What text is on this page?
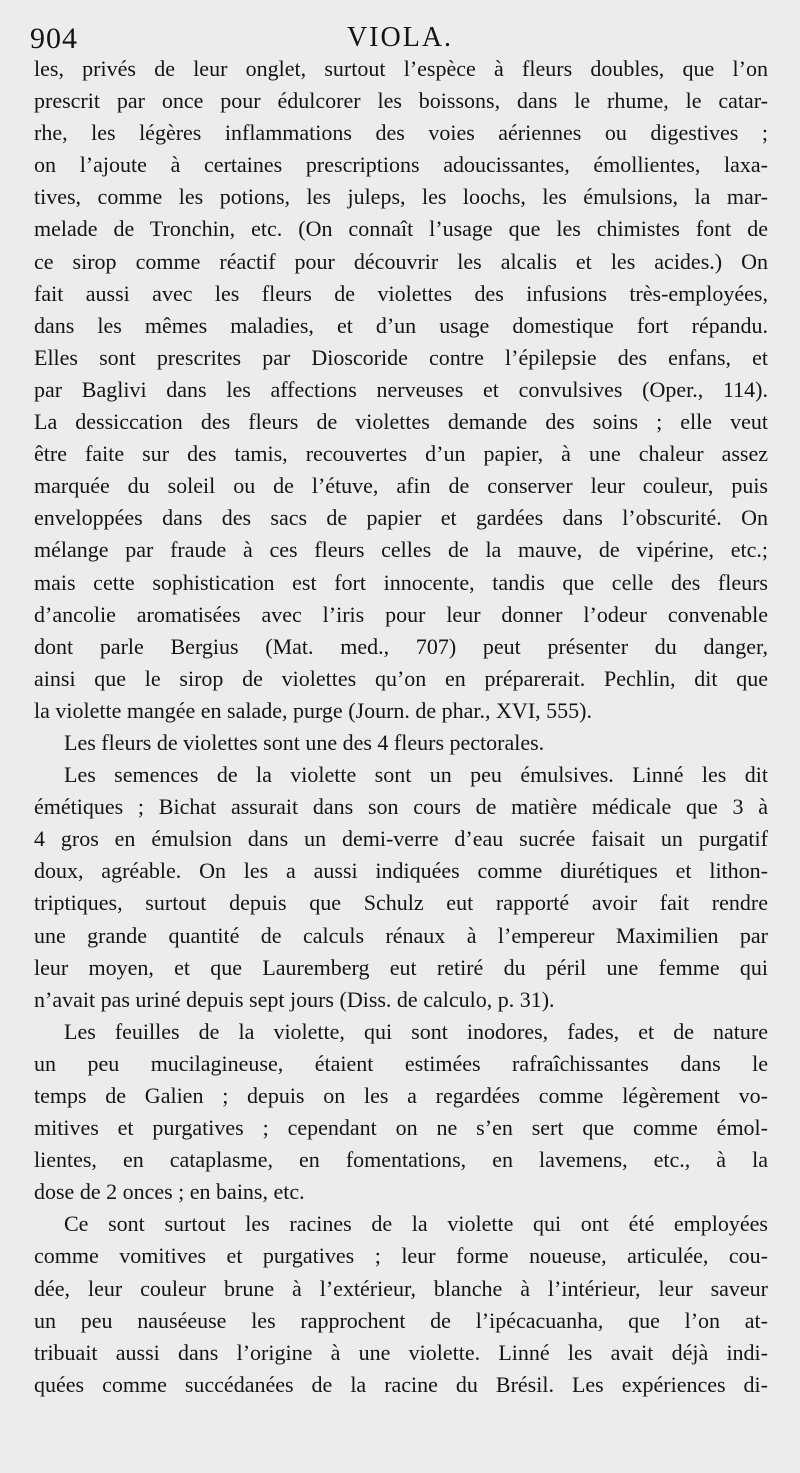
904	VIOLA.
les, privés de leur onglet, surtout l’espèce à fleurs doubles, que l’on
prescrit par once pour édulcorer les boissons, dans le rhume, le catar-
rhe, les légères inflammations des voies aériennes ou digestives ;
on l’ajoute à certaines prescriptions adoucissantes, émollientes, laxa-
tives, comme les potions, les juleps, les loochs, les émulsions, la mar-
melade de Tronchin, etc. (On connaît l’usage que les chimistes font de
ce sirop comme réactif pour découvrir les alcalis et les acides.) On
fait aussi avec les fleurs de violettes des infusions très-employées,
dans les mêmes maladies, et d’un usage domestique fort répandu.
Elles sont prescrites par Dioscoride contre l’épilepsie des enfans, et
par Baglivi dans les affections nerveuses et convulsives (Oper., 114).
La dessiccation des fleurs de violettes demande des soins ; elle veut
être faite sur des tamis, recouvertes d’un papier, à une chaleur assez
marquée du soleil ou de l’étuve, afin de conserver leur couleur, puis
enveloppées dans des sacs de papier et gardées dans l’obscurité. On
mélange par fraude à ces fleurs celles de la mauve, de vipérine, etc.;
mais cette sophistication est fort innocente, tandis que celle des fleurs
d’ancolie aromatisées avec l’iris pour leur donner l’odeur convenable
dont parle Bergius (Mat. med., 707) peut présenter du danger,
ainsi que le sirop de violettes qu’on en préparerait. Pechlin, dit que
la violette mangée en salade, purge (Journ. de phar., XVI, 555).
Les fleurs de violettes sont une des 4 fleurs pectorales.
Les semences de la violette sont un peu émulsives. Linné les dit
émétiques ; Bichat assurait dans son cours de matière médicale que 3 à
4 gros en émulsion dans un demi-verre d’eau sucrée faisait un purgatif
doux, agréable. On les a aussi indiquées comme diurétiques et lithon-
triptiques, surtout depuis que Schulz eut rapporté avoir fait rendre
une grande quantité de calculs rénaux à l’empereur Maximilien par
leur moyen, et que Lauremberg eut retiré du péril une femme qui
n’avait pas uriné depuis sept jours (Diss. de calculo, p. 31).
Les feuilles de la violette, qui sont inodores, fades, et de nature
un peu mucilagineuse, étaient estimées rafraîchissantes dans le
temps de Galien ; depuis on les a regardées comme légèrement vo-
mitives et purgatives ; cependant on ne s’en sert que comme émol-
lientes, en cataplasme, en fomentations, en lavemens, etc., à la
dose de 2 onces ; en bains, etc.
Ce sont surtout les racines de la violette qui ont été employées
comme vomitives et purgatives ; leur forme noueuse, articulée, cou-
dée, leur couleur brune à l’extérieur, blanche à l’intérieur, leur saveur
un peu nauséeuse les rapprochent de l’ipécacuanha, que l’on at-
tribuait aussi dans l’origine à une violette. Linné les avait déjà indi-
quées comme succédanées de la racine du Brésil. Les expériences di-
